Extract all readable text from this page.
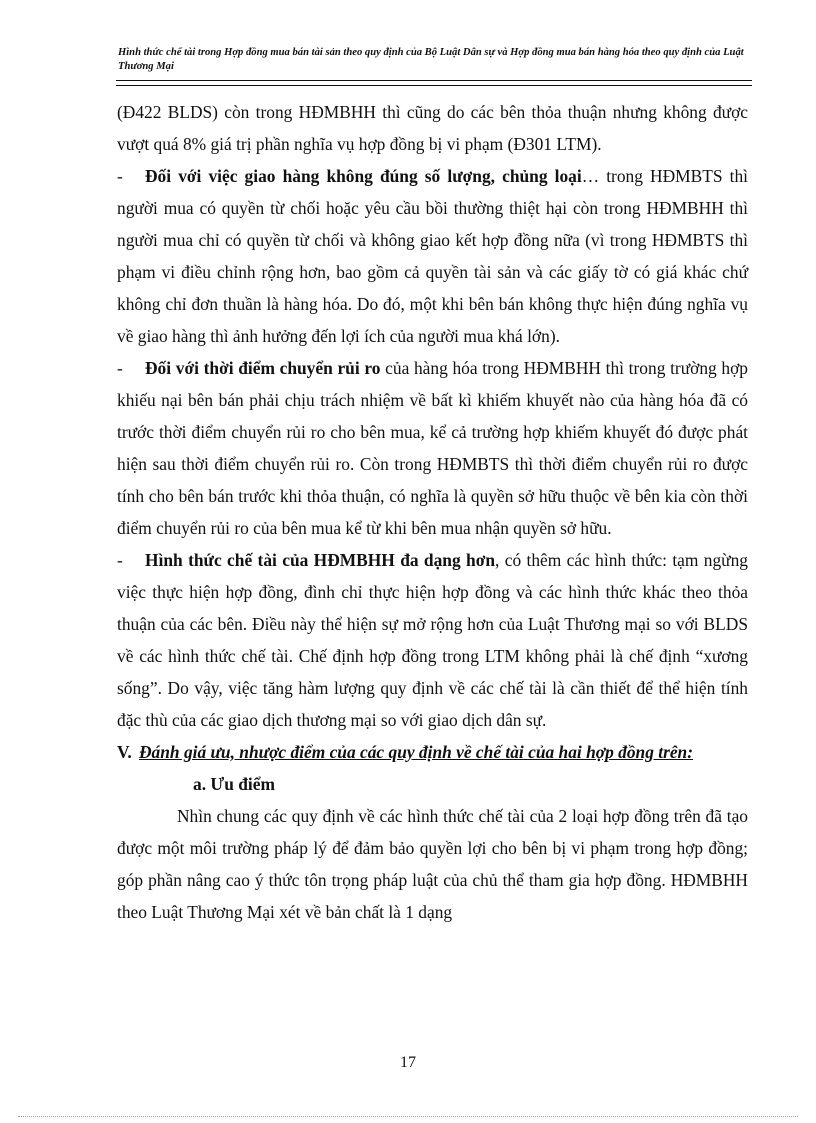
Hình thức chế tài trong Hợp đồng mua bán tài sản theo quy định của Bộ Luật Dân sự và Hợp đồng mua bán hàng hóa theo quy định của Luật Thương Mại

(Đ422 BLDS) còn trong HĐMBHH thì cũng do các bên thỏa thuận nhưng không được vượt quá 8% giá trị phần nghĩa vụ hợp đồng bị vi phạm (Đ301 LTM).

- Đối với việc giao hàng không đúng số lượng, chủng loại… trong HĐMBTS thì người mua có quyền từ chối hoặc yêu cầu bồi thường thiệt hại còn trong HĐMBHH thì người mua chỉ có quyền từ chối và không giao kết hợp đồng nữa (vì trong HĐMBTS thì phạm vi điều chỉnh rộng hơn, bao gồm cả quyền tài sản và các giấy tờ có giá khác chứ không chỉ đơn thuần là hàng hóa. Do đó, một khi bên bán không thực hiện đúng nghĩa vụ về giao hàng thì ảnh hưởng đến lợi ích của người mua khá lớn).

- Đối với thời điểm chuyển rủi ro của hàng hóa trong HĐMBHH thì trong trường hợp khiếu nại bên bán phải chịu trách nhiệm về bất kì khiếm khuyết nào của hàng hóa đã có trước thời điểm chuyển rủi ro cho bên mua, kể cả trường hợp khiếm khuyết đó được phát hiện sau thời điểm chuyển rủi ro. Còn trong HĐMBTS thì thời điểm chuyển rủi ro được tính cho bên bán trước khi thỏa thuận, có nghĩa là quyền sở hữu thuộc về bên kia còn thời điểm chuyển rủi ro của bên mua kể từ khi bên mua nhận quyền sở hữu.

- Hình thức chế tài của HĐMBHH đa dạng hơn, có thêm các hình thức: tạm ngừng việc thực hiện hợp đồng, đình chỉ thực hiện hợp đồng và các hình thức khác theo thỏa thuận của các bên. Điều này thể hiện sự mở rộng hơn của Luật Thương mại so với BLDS về các hình thức chế tài. Chế định hợp đồng trong LTM không phải là chế định “xương sống”. Do vậy, việc tăng hàm lượng quy định về các chế tài là cần thiết để thể hiện tính đặc thù của các giao dịch thương mại so với giao dịch dân sự.

V. Đánh giá ưu, nhược điểm của các quy định về chế tài của hai hợp đồng trên:

a. Ưu điểm

Nhìn chung các quy định về các hình thức chế tài của 2 loại hợp đồng trên đã tạo được một môi trường pháp lý để đảm bảo quyền lợi cho bên bị vi phạm trong hợp đồng; góp phần nâng cao ý thức tôn trọng pháp luật của chủ thể tham gia hợp đồng. HĐMBHH theo Luật Thương Mại xét về bản chất là 1 dạng

17
